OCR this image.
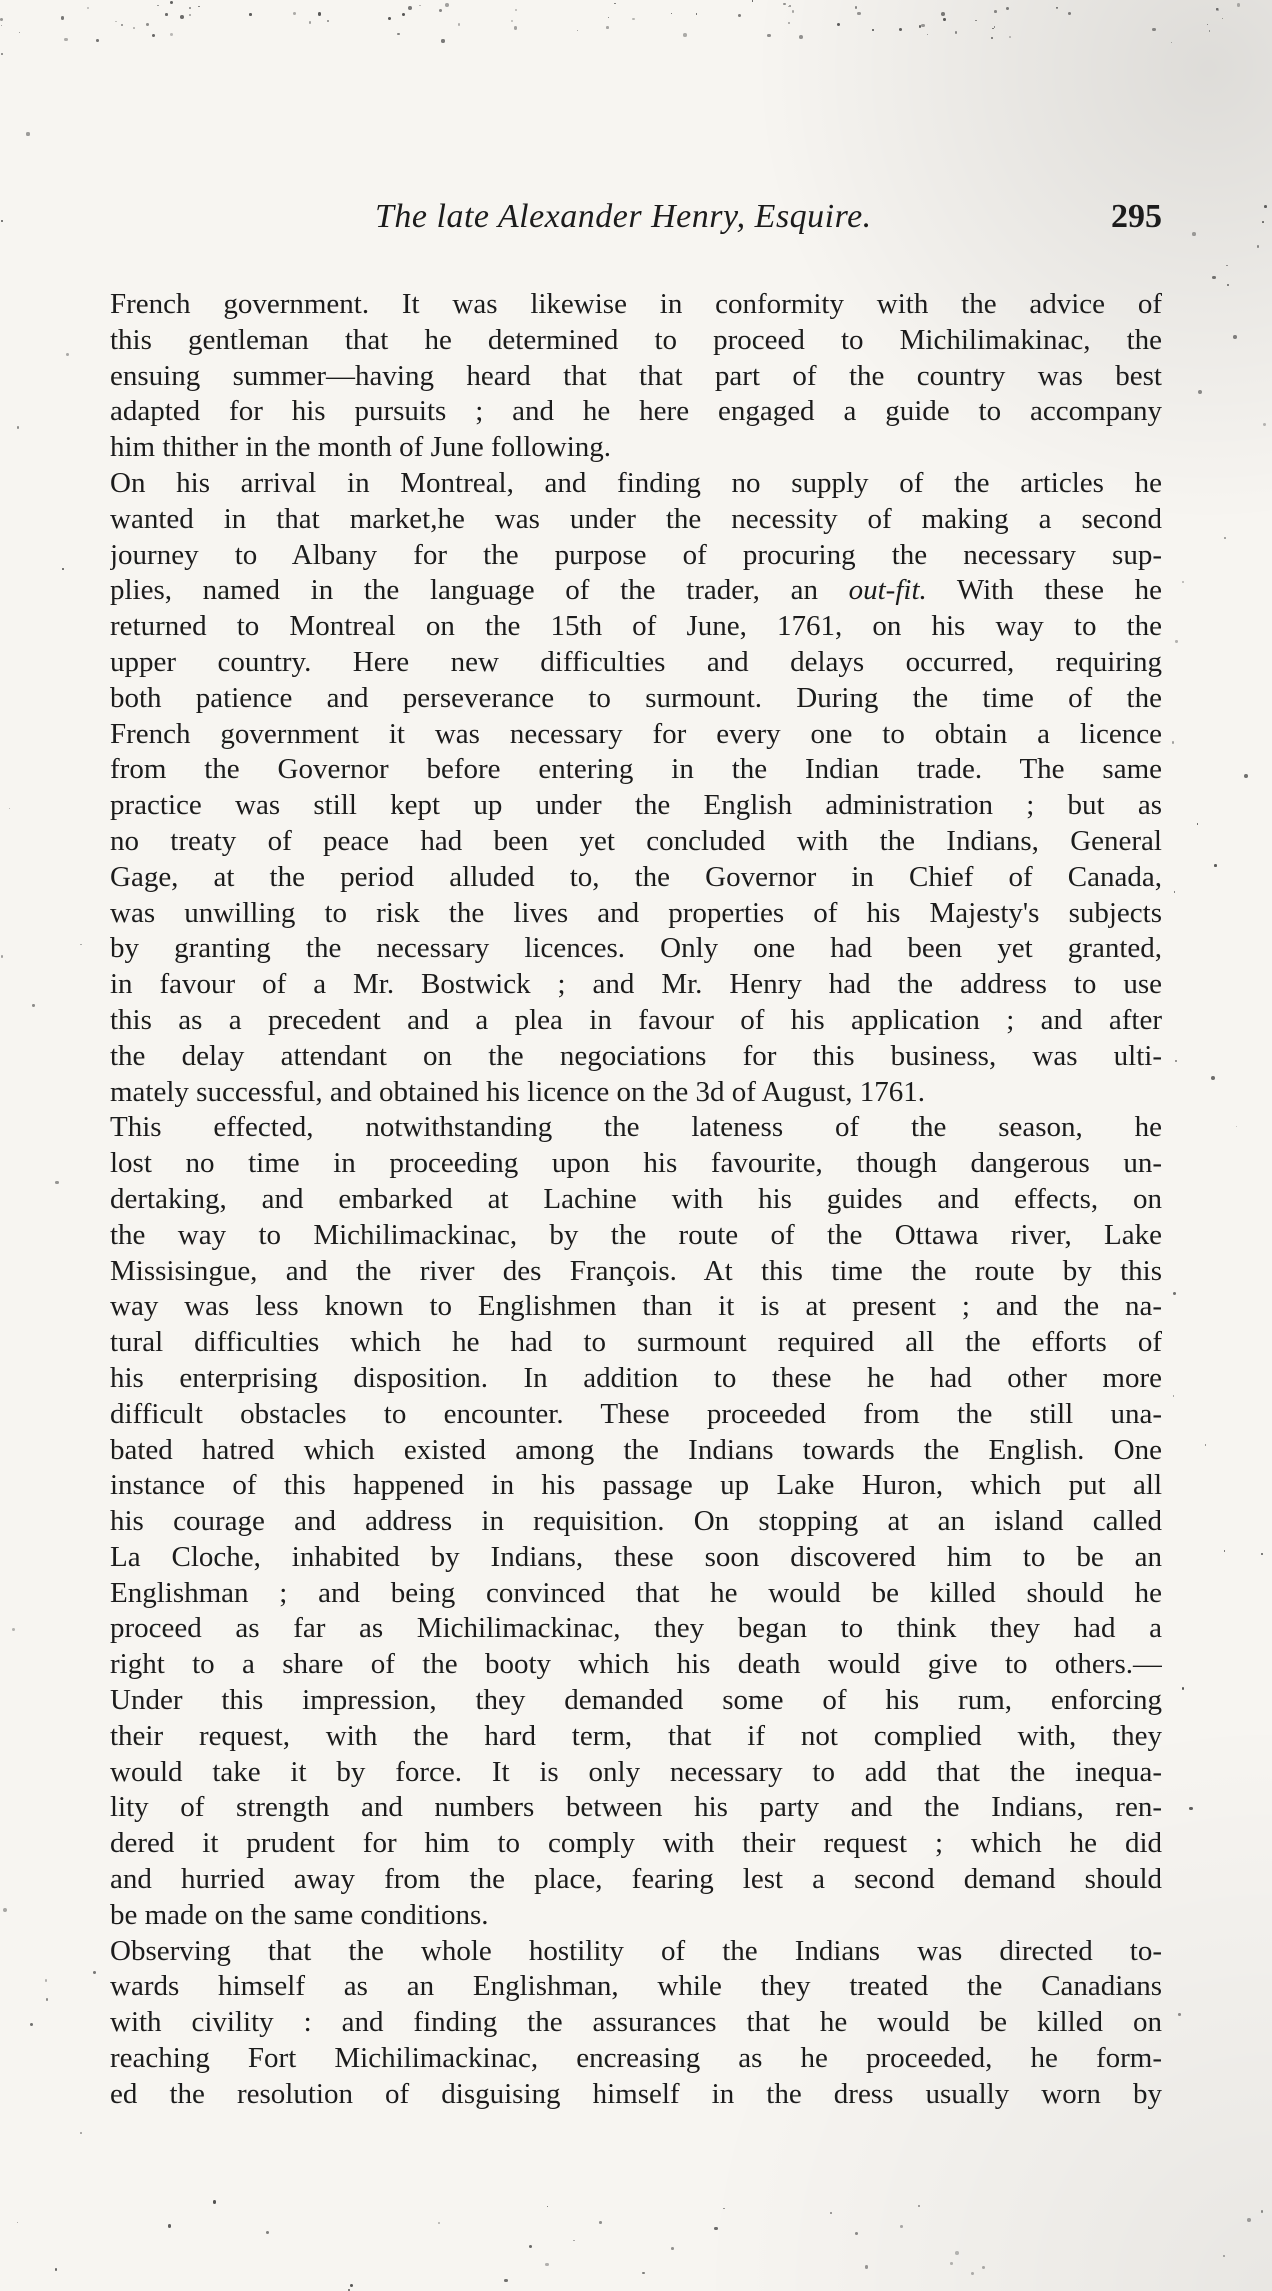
The late Alexander Henry, Esquire.	295
French government. It was likewise in conformity with the advice of
this gentleman that he determined to proceed to Michilimakinac, the
ensuing summer—having heard that that part of the country was best
adapted for his pursuits ; and he here engaged a guide to accompany
him thither in the month of June following.
On his arrival in Montreal, and finding no supply of the articles he
wanted in that market,he was under the necessity of making a second
journey to Albany for the purpose of procuring the necessary sup-
plies, named in the language of the trader, an out-fit. With these he
returned to Montreal on the 15th of June, 1761, on his way to the
upper country. Here new difficulties and delays occurred, requiring
both patience and perseverance to surmount. During the time of the
French government it was necessary for every one to obtain a licence
from the Governor before entering in the Indian trade. The same
practice was still kept up under the English administration ; but as
no treaty of peace had been yet concluded with the Indians, General
Gage, at the period alluded to, the Governor in Chief of Canada,
was unwilling to risk the lives and properties of his Majesty's subjects
by granting the necessary licences. Only one had been yet granted,
in favour of a Mr. Bostwick ; and Mr. Henry had the address to use
this as a precedent and a plea in favour of his application ; and after
the delay attendant on the negociations for this business, was ulti-
mately successful, and obtained his licence on the 3d of August, 1761.
This effected, notwithstanding the lateness of the season, he
lost no time in proceeding upon his favourite, though dangerous un-
dertaking, and embarked at Lachine with his guides and effects, on
the way to Michilimackinac, by the route of the Ottawa river, Lake
Missisingue, and the river des François. At this time the route by this
way was less known to Englishmen than it is at present ; and the na-
tural difficulties which he had to surmount required all the efforts of
his enterprising disposition. In addition to these he had other more
difficult obstacles to encounter. These proceeded from the still una-
bated hatred which existed among the Indians towards the English. One
instance of this happened in his passage up Lake Huron, which put all
his courage and address in requisition. On stopping at an island called
La Cloche, inhabited by Indians, these soon discovered him to be an
Englishman ; and being convinced that he would be killed should he
proceed as far as Michilimackinac, they began to think they had a
right to a share of the booty which his death would give to others.—
Under this impression, they demanded some of his rum, enforcing
their request, with the hard term, that if not complied with, they
would take it by force. It is only necessary to add that the inequa-
lity of strength and numbers between his party and the Indians, ren-
dered it prudent for him to comply with their request ; which he did
and hurried away from the place, fearing lest a second demand should
be made on the same conditions.
Observing that the whole hostility of the Indians was directed to-
wards himself as an Englishman, while they treated the Canadians
with civility : and finding the assurances that he would be killed on
reaching Fort Michilimackinac, encreasing as he proceeded, he form-
ed the resolution of disguising himself in the dress usually worn by
